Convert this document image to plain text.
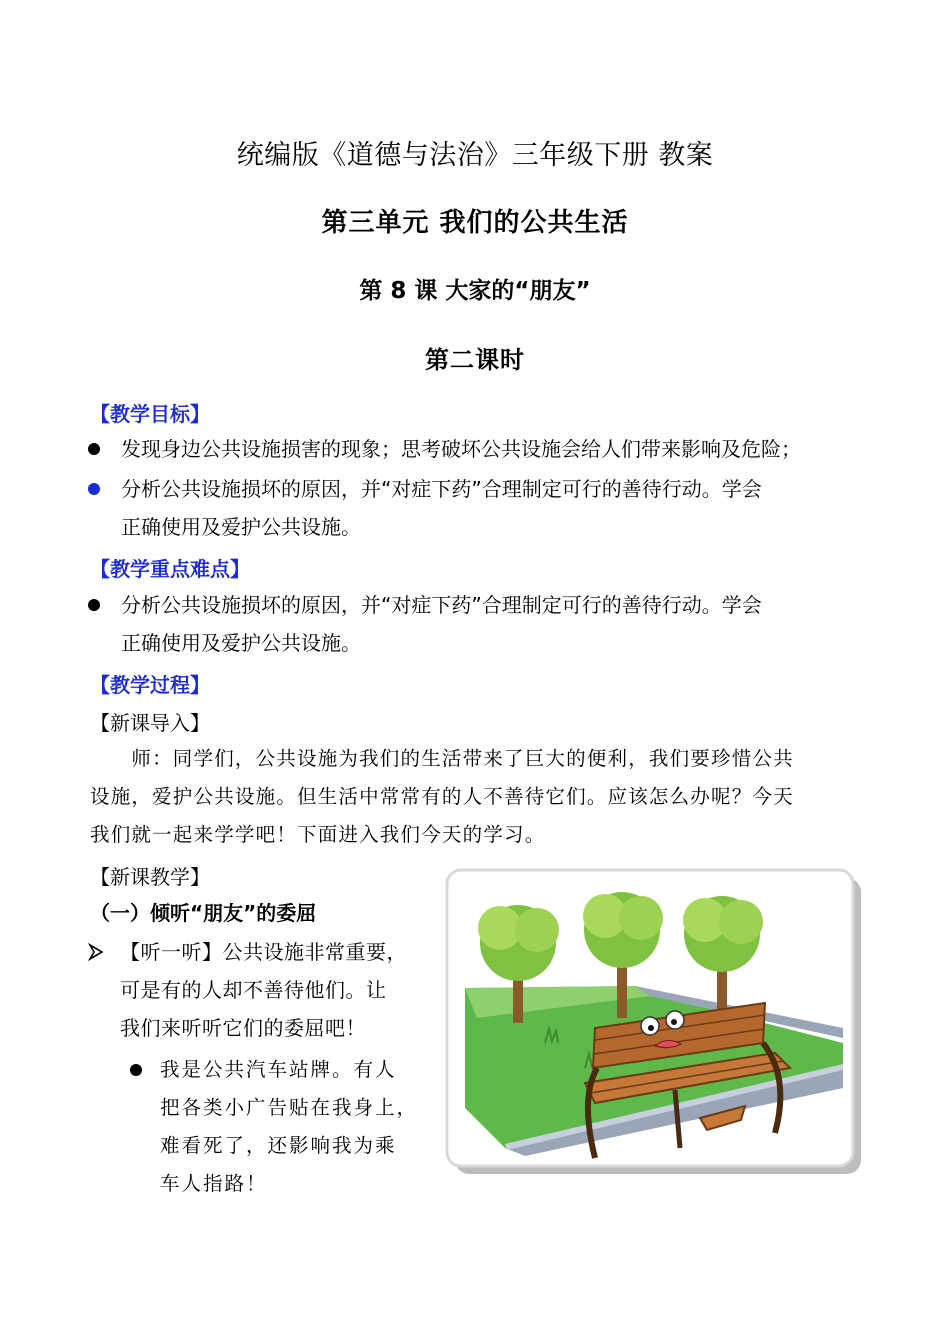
统编版《道德与法治》三年级下册 教案
第三单元 我们的公共生活
第 8 课 大家的“朋友”
第二课时
【教学目标】
发现身边公共设施损害的现象；思考破坏公共设施会给人们带来影响及危险；
分析公共设施损坏的原因，并“对症下药”合理制定可行的善待行动。学会
正确使用及爱护公共设施。
【教学重点难点】
分析公共设施损坏的原因，并“对症下药”合理制定可行的善待行动。学会
正确使用及爱护公共设施。
【教学过程】
【新课导入】
　　师：同学们，公共设施为我们的生活带来了巨大的便利，我们要珍惜公共
设施，爱护公共设施。但生活中常常有的人不善待它们。应该怎么办呢？今天
我们就一起来学学吧！下面进入我们今天的学习。
【新课教学】
（一）倾听“朋友”的委屈
【听一听】公共设施非常重要，
可是有的人却不善待他们。让
我们来听听它们的委屈吧！
我是公共汽车站牌。有人
把各类小广告贴在我身上，
难看死了，还影响我为乘
车人指路！
